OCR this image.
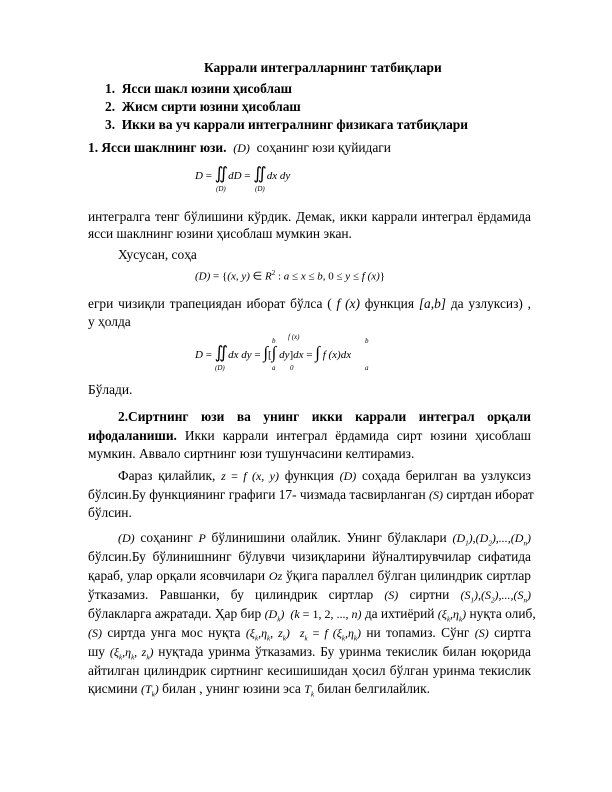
Каррали интегралларнинг татбиқлари
1. Ясси шакл юзини ҳисоблаш
2. Жисм сирти юзини ҳисоблаш
3. Икки ва уч каррали интегралнинг физикага татбиқлари
1. Ясси шаклнинг юзи. (D) соҳанинг юзи қуйидаги
D = ∬dD = ∬dx dy
(D)	(D)
интегралга тенг бўлишини кўрдик. Демак, икки каррали интеграл ёрдамида
ясси шаклнинг юзини ҳисоблаш мумкин экан.
Хусусан, соҳа
(D) = {(x, y) ∈ $R^2$ : a ≤ x ≤ b, 0 ≤ y ≤ f (x)}
егри чизиқли трапециядан иборат бўлса ( f (x) функция [a,b] да узлуксиз) ,
у ҳолда
D = ∬dx dy = ∫[∫ dy]dx = ∫ f (x)dx
(D)
b
a
f (x)
0
b
a
Бўлади.
2.Сиртнинг юзи ва унинг икки каррали интеграл орқали
ифодаланиши. Икки каррали интеграл ёрдамида сирт юзини ҳисоблаш
мумкин. Аввало сиртнинг юзи тушунчасини келтирамиз.
Фараз қилайлик, z = f (x, y) функция (D) соҳада берилган ва узлуксиз
бўлсин.Бу функциянинг графиги 17- чизмада тасвирланган (S) сиртдан иборат
бўлсин.
(D) соҳанинг P бўлинишини олайлик. Унинг бўлаклари $(D_1),(D_2),...,(D_n)$
бўлсин.Бу бўлинишнинг бўлувчи чизиқларини йўналтирувчилар сифатида
қараб, улар орқали ясовчилари Oz ўқига параллел бўлган цилиндрик сиртлар
ўтказамиз. Равшанки, бу цилиндрик сиртлар (S) сиртни $(S_1),(S_2),...,(S_n)$
бўлакларга ажратади. Ҳар бир $(D_k) (k = 1$, 2, ..., n) да ихтиёрий $(\xi_k,\eta_k)$ нуқта олиб,
(S) сиртда унга мос нуқта ($\xi_k,\eta_k$, $z_k$)  $z_k = f$ $(\xi_k,\eta_k)$ ни топамиз. Сўнг (S) сиртга
шу ($\xi_k,\eta_k$, $z_k$) нуқтада уринма ўтказамиз. Бу уринма текислик билан юқорида
айтилган цилиндрик сиртнинг кесишишидан ҳосил бўлган уринма текислик
қисмини $(T_k)$ билан , унинг юзини эса $T_k$ билан белгилайлик.
